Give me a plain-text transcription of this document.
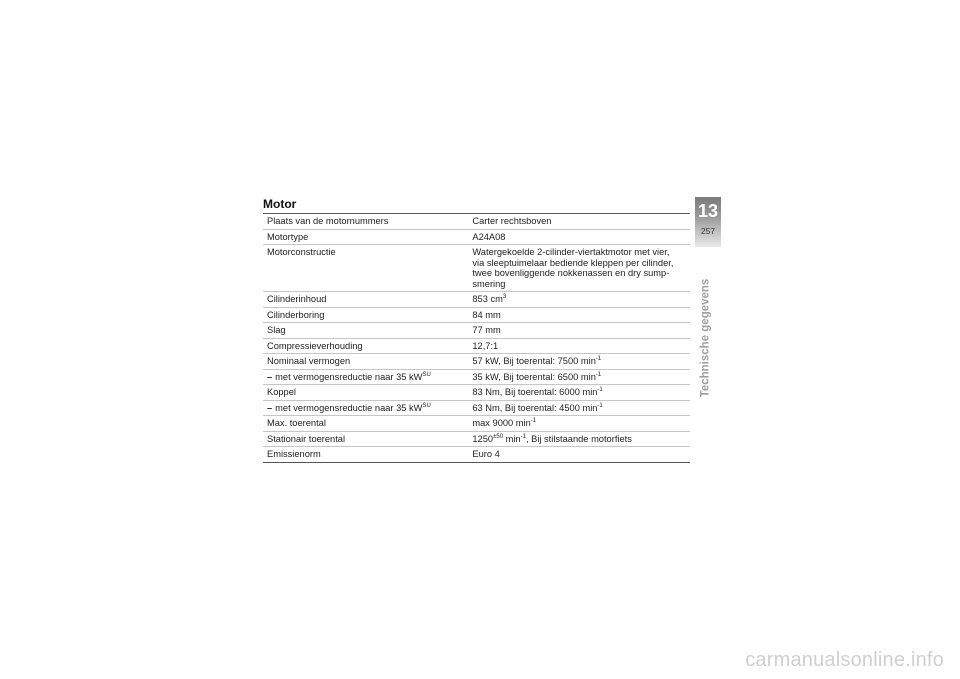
Motor
Plaats van de motornummers	Carter rechtsboven
Motortype	A24A08
Motorconstructie	Watergekoelde 2-cilinder-viertaktmotor met vier,
via sleeptuimelaar bediende kleppen per cilinder,
twee bovenliggende nokkenassen en dry sump-
smering
Cilinderinhoud	853 $cm^3$
Cilinderboring	84 mm
Slag	77 mm
Compressieverhouding	12,7:1
Nominaal vermogen	57 kW, Bij toerental: 7500 $\min^{-1}$
– met vermogensreductie naar 35 $kW^{SU}$	35 kW, Bij toerental: 6500 $\min^{-1}$
Koppel	83 Nm, Bij toerental: 6000 $\min^{-1}$
– met vermogensreductie naar 35 $kW^{SU}$	63 Nm, Bij toerental: 4500 $\min^{-1}$
Max. toerental	max 9000 $\min^{-1}$
Stationair toerental	$1250^{\pm 50}$ $\min^{-1}$, Bij stilstaande motorfiets
Emissienorm	Euro 4
13
257
Technische gegevens
carmanualsonline.info
